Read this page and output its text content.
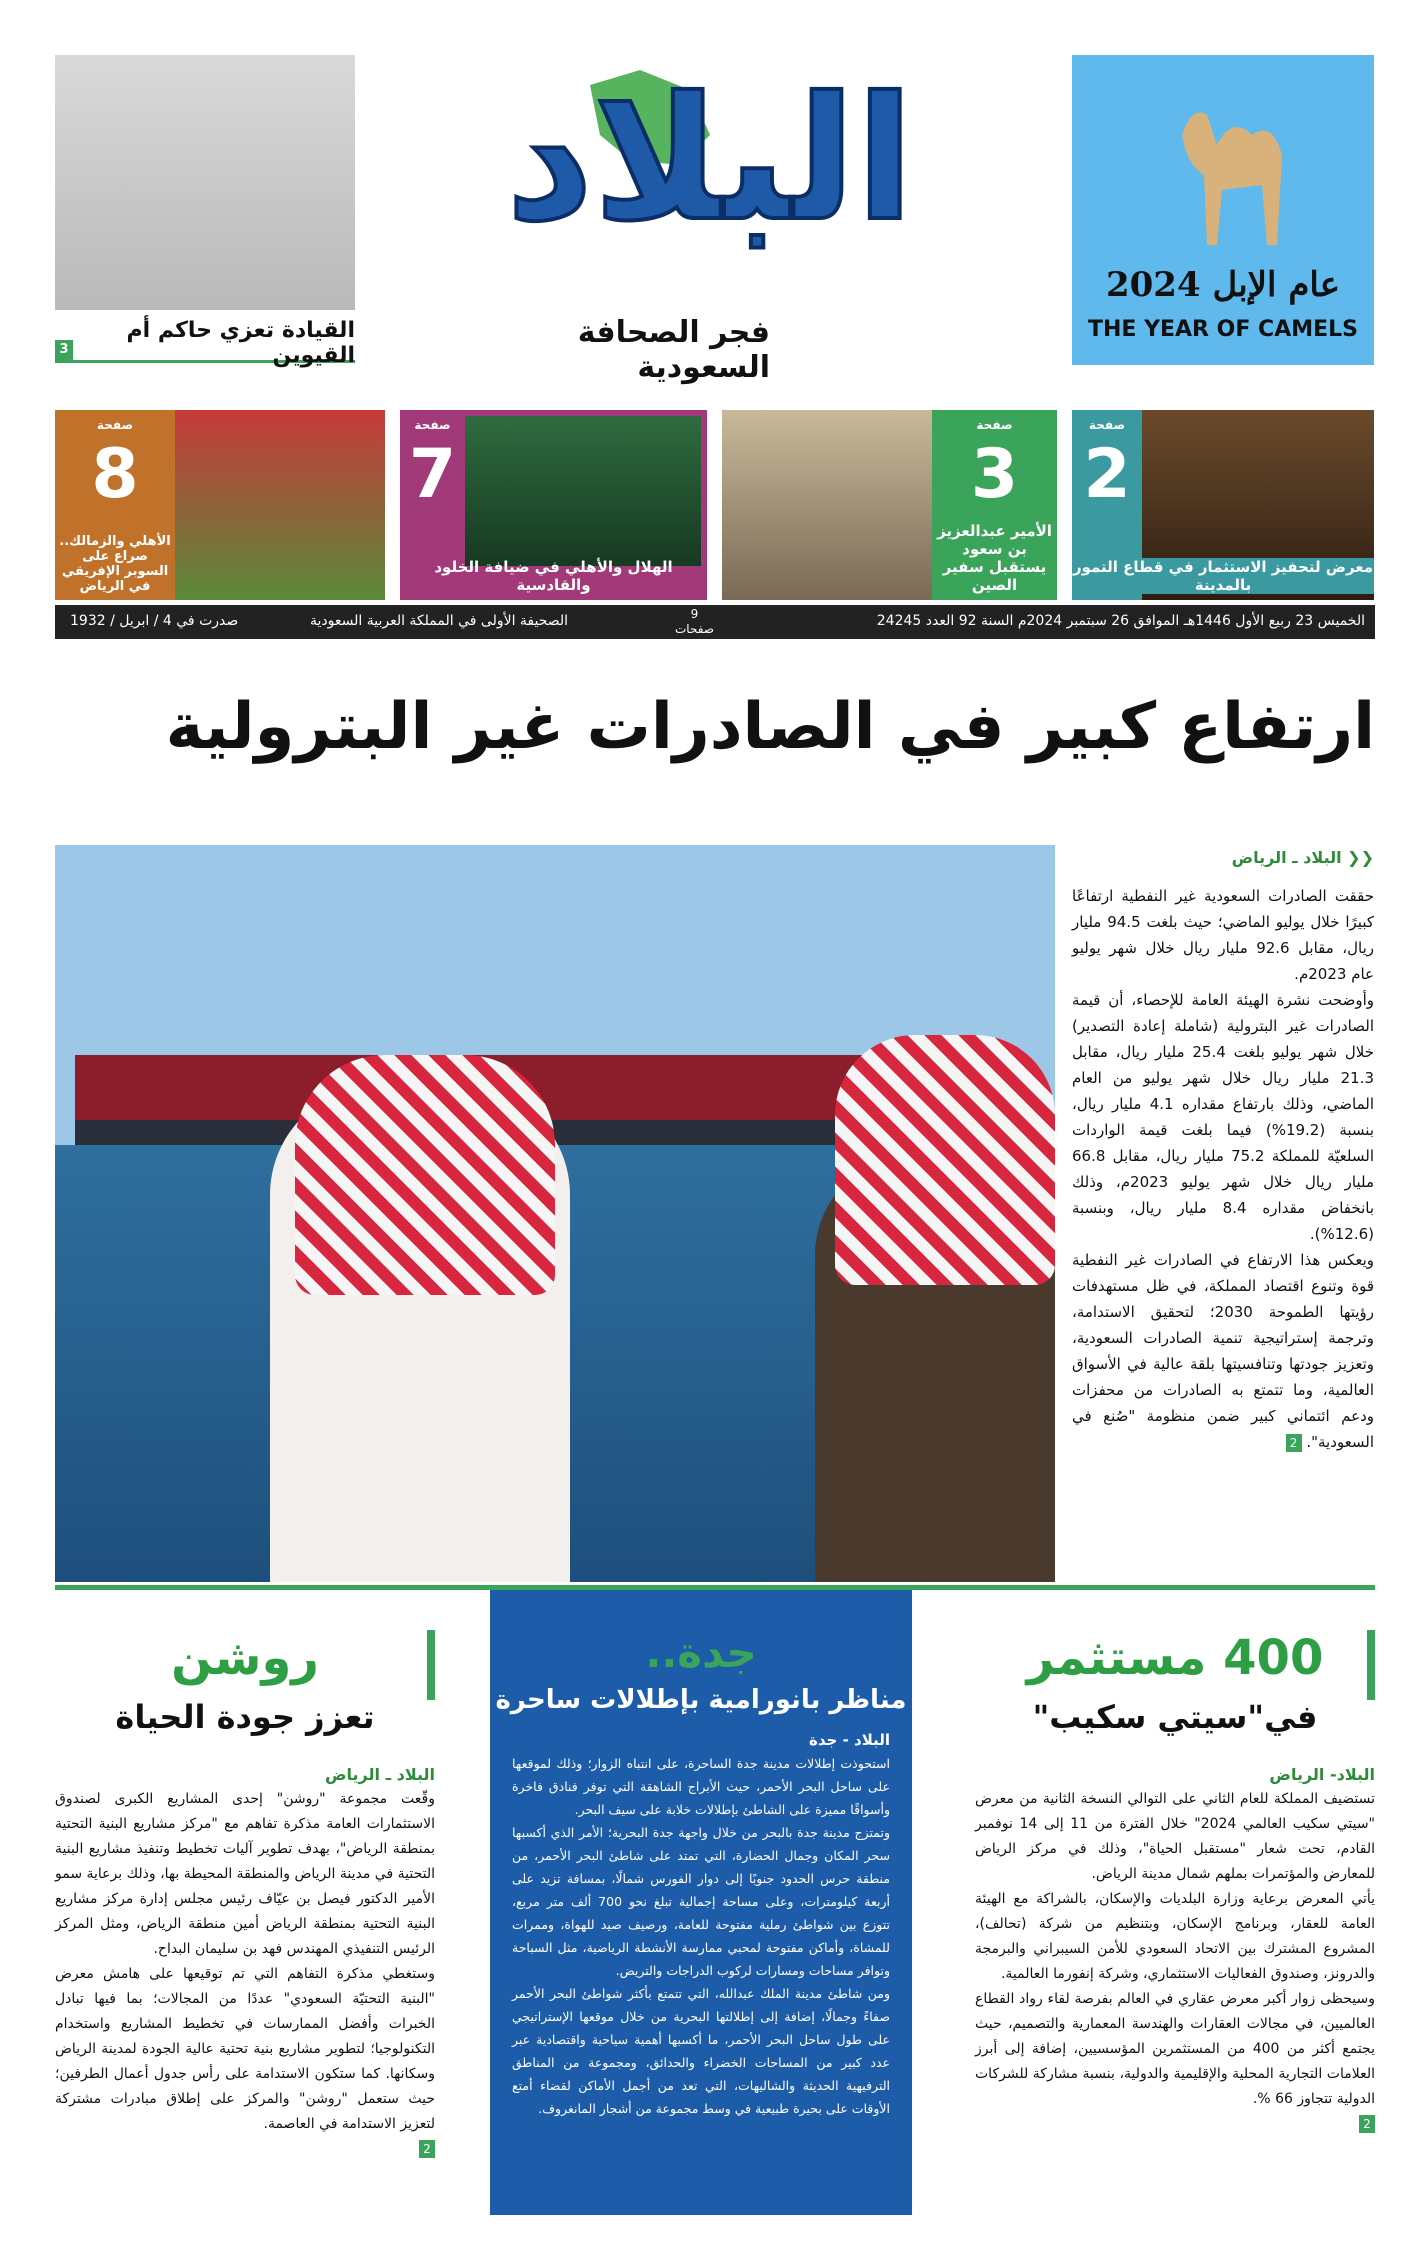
القيادة تعزي حاكم أم القيوين
3
البلاد
فجر الصحافة السعودية
عام الإبل 2024
THE YEAR OF CAMELS
صفحة
2
معرض لتحفيز الاستثمار في قطاع التمور بالمدينة
صفحة
3
الأمير عبدالعزيز بن سعود يستقبل سفير الصين
صفحة
7
الهلال والأهلي في ضيافة الخلود والقادسية
صفحة
8
الأهلي والزمالك.. صراع على السوبر الإفريقي في الرياض
الخميس 23 ربيع الأول 1446هـ الموافق 26 سبتمبر 2024م السنة 92 العدد 24245
9
صفحات
الصحيفة الأولى في المملكة العربية السعودية
صدرت في 4 / ابريل / 1932
ارتفاع كبير في الصادرات غير البترولية
❮❮ البلاد ـ الرياض

حققت الصادرات السعودية غير النفطية ارتفاعًا كبيرًا خلال يوليو الماضي؛ حيث بلغت 94.5 مليار ريال، مقابل 92.6 مليار ريال خلال شهر يوليو عام 2023م.

وأوضحت نشرة الهيئة العامة للإحصاء، أن قيمة الصادرات غير البترولية (شاملة إعادة التصدير) خلال شهر يوليو بلغت 25.4 مليار ريال، مقابل 21.3 مليار ريال خلال شهر يوليو من العام الماضي، وذلك بارتفاع مقداره 4.1 مليار ريال، بنسبة (19.2%) فيما بلغت قيمة الواردات السلعيّة للمملكة 75.2 مليار ريال، مقابل 66.8 مليار ريال خلال شهر يوليو 2023م، وذلك بانخفاض مقداره 8.4 مليار ريال، وبنسبة (12.6%).

ويعكس هذا الارتفاع في الصادرات غير النفطية قوة وتنوع اقتصاد المملكة، في ظل مستهدفات رؤيتها الطموحة 2030؛ لتحقيق الاستدامة، وترجمة إستراتيجية تنمية الصادرات السعودية، وتعزيز جودتها وتنافسيتها بلقة عالية في الأسواق العالمية، وما تتمتع به الصادرات من محفزات ودعم ائتماني كبير ضمن منظومة "صُنع في السعودية". 2

400 مستثمر
في"سيتي سكيب"
البلاد- الرياض
تستضيف المملكة للعام الثاني على التوالي النسخة الثانية من معرض "سيتي سكيب العالمي 2024" خلال الفترة من 11 إلى 14 نوفمبر القادم، تحت شعار "مستقبل الحياة"، وذلك في مركز الرياض للمعارض والمؤتمرات بملهم شمال مدينة الرياض.
يأتي المعرض برعاية وزارة البلديات والإسكان، بالشراكة مع الهيئة العامة للعقار، وبرنامج الإسكان، وبتنظيم من شركة (تحالف)، المشروع المشترك بين الاتحاد السعودي للأمن السيبراني والبرمجة والدرونز، وصندوق الفعاليات الاستثماري، وشركة إنفورما العالمية.
وسيحظى زوار أكبر معرض عقاري في العالم بفرصة لقاء رواد القطاع العالميين، في مجالات العقارات والهندسة المعمارية والتصميم، حيث يجتمع أكثر من 400 من المستثمرين المؤسسيين، إضافة إلى أبرز العلامات التجارية المحلية والإقليمية والدولية، بنسبة مشاركة للشركات الدولية تتجاوز 66 %.
2
جدة..
مناظر بانورامية بإطلالات ساحرة
البلاد - جدة
استحوذت إطلالات مدينة جدة الساحرة، على انتباه الزوار؛ وذلك لموقعها على ساحل البحر الأحمر، حيث الأبراج الشاهقة التي توفر فنادق فاخرة وأسواقًا مميزة على الشاطئ بإطلالات خلابة على سيف البحر.
وتمتزج مدينة جدة بالبحر من خلال واجهة جدة البحرية؛ الأمر الذي أكسبها سحر المكان وجمال الحضارة، التي تمتد على شاطئ البحر الأحمر، من منطقة حرس الحدود جنوبًا إلى دوار الفورس شمالًا، بمسافة تزيد على أربعة كيلومترات، وعلى مساحة إجمالية تبلغ نحو 700 ألف متر مربع، تتوزع بين شواطئ رملية مفتوحة للعامة، ورصيف صيد للهواة، وممرات للمشاة، وأماكن مفتوحة لمحبي ممارسة الأنشطة الرياضية، مثل السباحة وتوافر مساحات ومسارات لركوب الدراجات والتريض.
ومن شاطئ مدينة الملك عبدالله، التي تتمتع بأكثر شواطئ البحر الأحمر صفاءً وجمالًا، إضافة إلى إطلالتها البحرية من خلال موقعها الإستراتيجي على طول ساحل البحر الأحمر، ما أكسبها أهمية سياحية واقتصادية عبر عدد كبير من المساحات الخضراء والحدائق، ومجموعة من المناطق الترفيهية الحديثة والشاليهات، التي تعد من أجمل الأماكن لقضاء أمتع الأوقات على بحيرة طبيعية في وسط مجموعة من أشجار المانغروف.
روشن
تعزز جودة الحياة
البلاد ـ الرياض
وقّعت مجموعة "روشن" إحدى المشاريع الكبرى لصندوق الاستثمارات العامة مذكرة تفاهم مع "مركز مشاريع البنية التحتية بمنطقة الرياض"، بهدف تطوير آليات تخطيط وتنفيذ مشاريع البنية التحتية في مدينة الرياض والمنطقة المحيطة بها، وذلك برعاية سمو الأمير الدكتور فيصل بن عيّاف رئيس مجلس إدارة مركز مشاريع البنية التحتية بمنطقة الرياض أمين منطقة الرياض، ومثل المركز الرئيس التنفيذي المهندس فهد بن سليمان البداح.
وستغطي مذكرة التفاهم التي تم توقيعها على هامش معرض "البنية التحتيّة السعودي" عددًا من المجالات؛ بما فيها تبادل الخبرات وأفضل الممارسات في تخطيط المشاريع واستخدام التكنولوجيا؛ لتطوير مشاريع بنية تحتية عالية الجودة لمدينة الرياض وسكانها. كما ستكون الاستدامة على رأس جدول أعمال الطرفين؛ حيث ستعمل "روشن" والمركز على إطلاق مبادرات مشتركة لتعزيز الاستدامة في العاصمة.
2
